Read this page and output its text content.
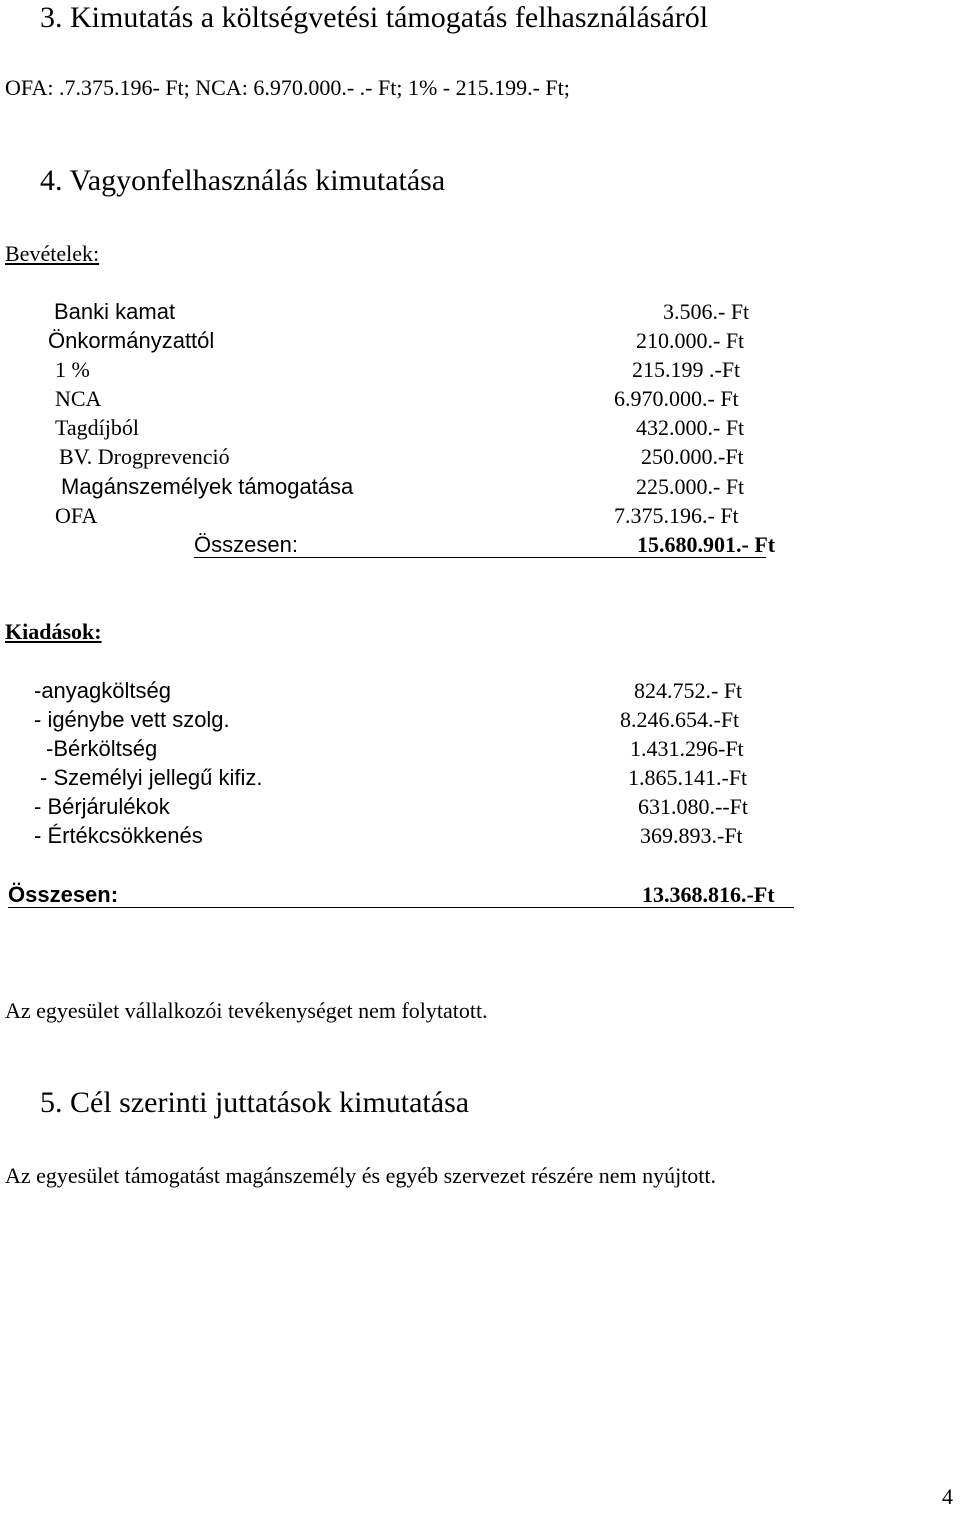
3. Kimutatás a költségvetési támogatás felhasználásáról
OFA: .7.375.196- Ft; NCA: 6.970.000.- .- Ft; 1% - 215.199.- Ft;
4. Vagyonfelhasználás kimutatása
Bevételek:
Banki kamat	3.506.- Ft
Önkormányzattól	210.000.- Ft
1 %	215.199 .-Ft
NCA	6.970.000.- Ft
Tagdíjból	432.000.- Ft
BV. Drogprevenció	250.000.-Ft
Magánszemélyek támogatása	225.000.- Ft
OFA	7.375.196.- Ft
Összesen:	15.680.901.- Ft
Kiadások:
-anyagköltség	824.752.- Ft
- igénybe vett szolg.	8.246.654.-Ft
-Bérköltség	1.431.296-Ft
- Személyi jellegű kifiz.	1.865.141.-Ft
- Bérjárulékok	631.080.--Ft
- Értékcsökkenés	369.893.-Ft
Összesen:	13.368.816.-Ft
Az egyesület vállalkozói tevékenységet nem folytatott.
5. Cél szerinti juttatások kimutatása
Az egyesület támogatást magánszemély és egyéb szervezet részére nem nyújtott.
4
